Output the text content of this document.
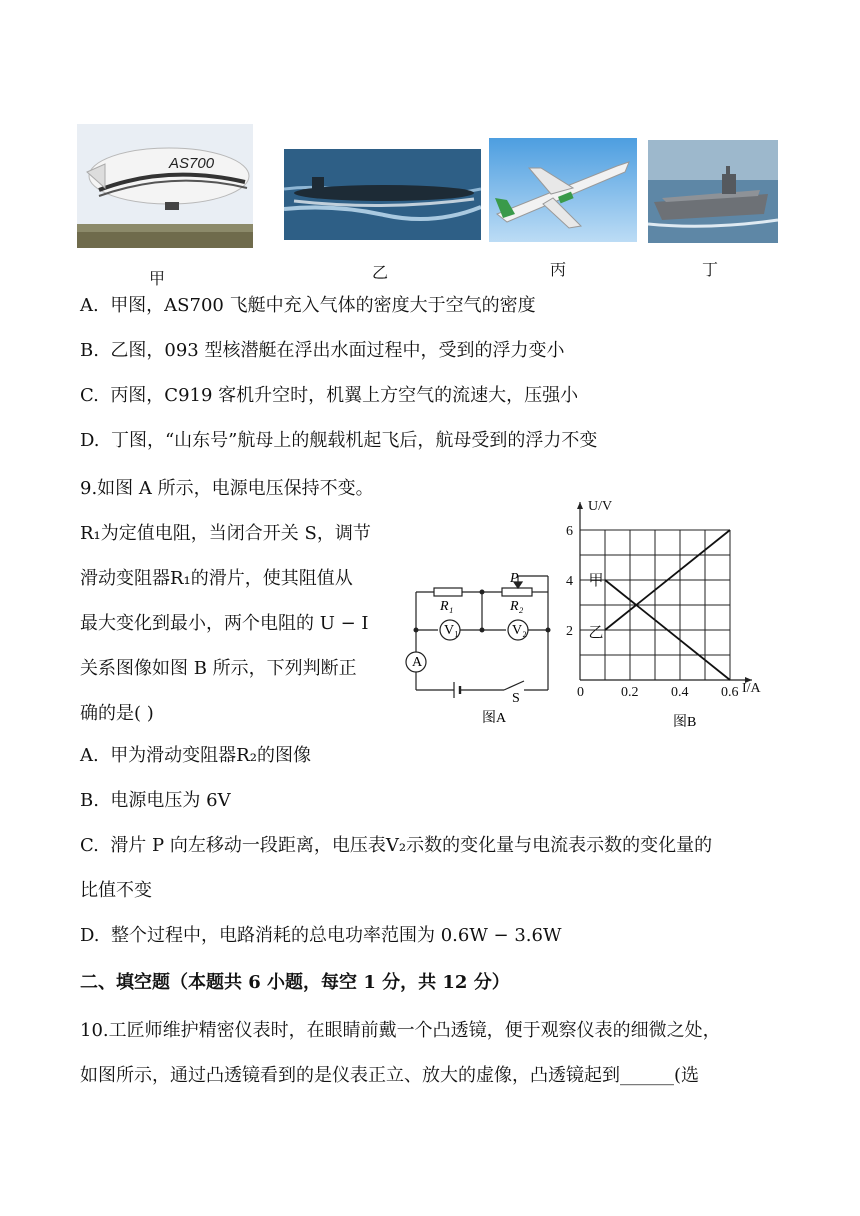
AS700
甲	乙	丙	丁
A. 甲图，AS700 飞艇中充入气体的密度大于空气的密度
B. 乙图，093 型核潜艇在浮出水面过程中，受到的浮力变小
C. 丙图，C919 客机升空时，机翼上方空气的流速大，压强小
D. 丁图，“山东号”航母上的舰载机起飞后，航母受到的浮力不变
9.如图 A 所示，电源电压保持不变。
R₁为定值电阻，当闭合开关 S，调节
滑动变阻器R₁的滑片，使其阻值从
最大变化到最小，两个电阻的 U − I
关系图像如图 B 所示，下列判断正
确的是( )
P
R₁	R₂
V₁	V₂
A
S
图A
6
4
2
0	0.2 0.4 0.6
U/V
I/A
甲
乙
图B
A. 甲为滑动变阻器R₂的图像
B. 电源电压为 6V
C. 滑片 P 向左移动一段距离，电压表V₂示数的变化量与电流表示数的变化量的
比值不变
D. 整个过程中，电路消耗的总电功率范围为 0.6W − 3.6W
二、填空题（本题共 6 小题，每空 1 分，共 12 分）
10.工匠师维护精密仪表时，在眼睛前戴一个凸透镜，便于观察仪表的细微之处，
如图所示，通过凸透镜看到的是仪表正立、放大的虚像，凸透镜起到______(选
